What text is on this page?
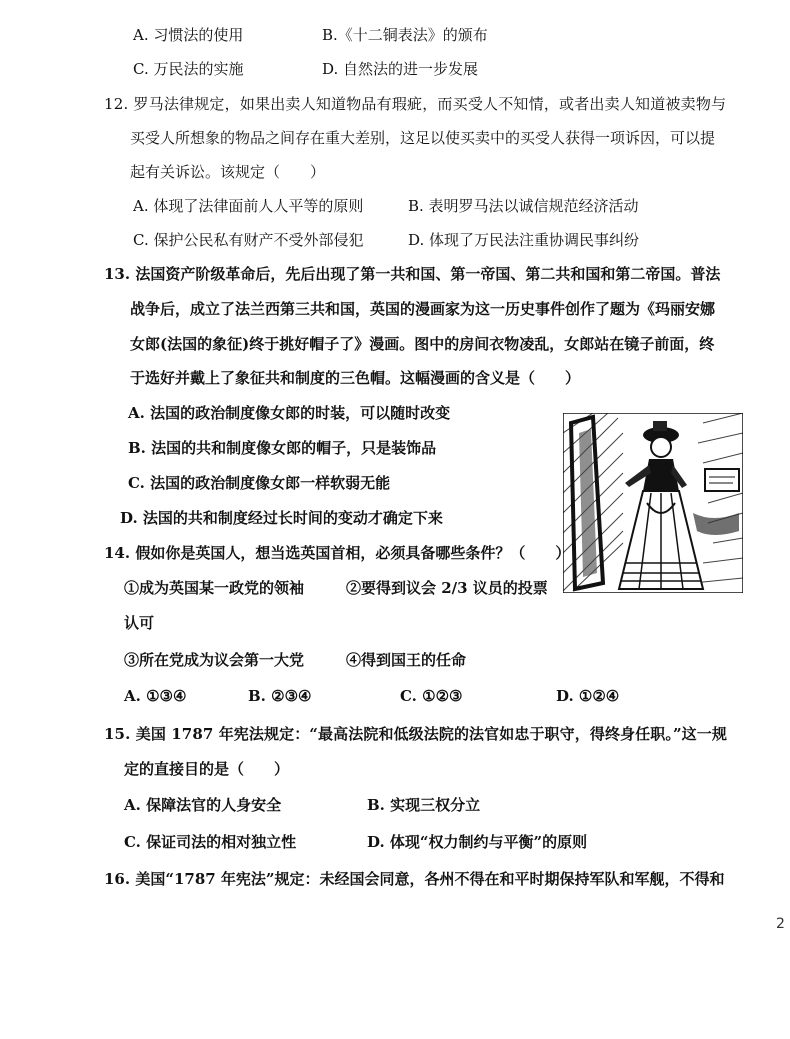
A. 习惯法的使用	B.《十二铜表法》的颁布
C. 万民法的实施	D. 自然法的进一步发展
12. 罗马法律规定，如果出卖人知道物品有瑕疵，而买受人不知情，或者出卖人知道被卖物与
买受人所想象的物品之间存在重大差别，这足以使买卖中的买受人获得一项诉因，可以提
起有关诉讼。该规定（　　）
A. 体现了法律面前人人平等的原则	B. 表明罗马法以诚信规范经济活动
C. 保护公民私有财产不受外部侵犯	D. 体现了万民法注重协调民事纠纷
13. 法国资产阶级革命后，先后出现了第一共和国、第一帝国、第二共和国和第二帝国。普法
战争后，成立了法兰西第三共和国，英国的漫画家为这一历史事件创作了题为《玛丽安娜
女郎(法国的象征)终于挑好帽子了》漫画。图中的房间衣物凌乱，女郎站在镜子前面，终
于选好并戴上了象征共和制度的三色帽。这幅漫画的含义是（　　）
A. 法国的政治制度像女郎的时装，可以随时改变
B. 法国的共和制度像女郎的帽子，只是装饰品
C. 法国的政治制度像女郎一样软弱无能
D. 法国的共和制度经过长时间的变动才确定下来
14. 假如你是英国人，想当选英国首相，必须具备哪些条件？（　　）
①成为英国某一政党的领袖	②要得到议会 2/3 议员的投票
认可
③所在党成为议会第一大党	④得到国王的任命
A. ①③④	B. ②③④	C. ①②③	D. ①②④
15. 美国 1787 年宪法规定：“最高法院和低级法院的法官如忠于职守，得终身任职。”这一规
定的直接目的是（　　）
A. 保障法官的人身安全	B. 实现三权分立
C. 保证司法的相对独立性	D. 体现“权力制约与平衡”的原则
16. 美国“1787 年宪法”规定：未经国会同意，各州不得在和平时期保持军队和军舰，不得和
2
